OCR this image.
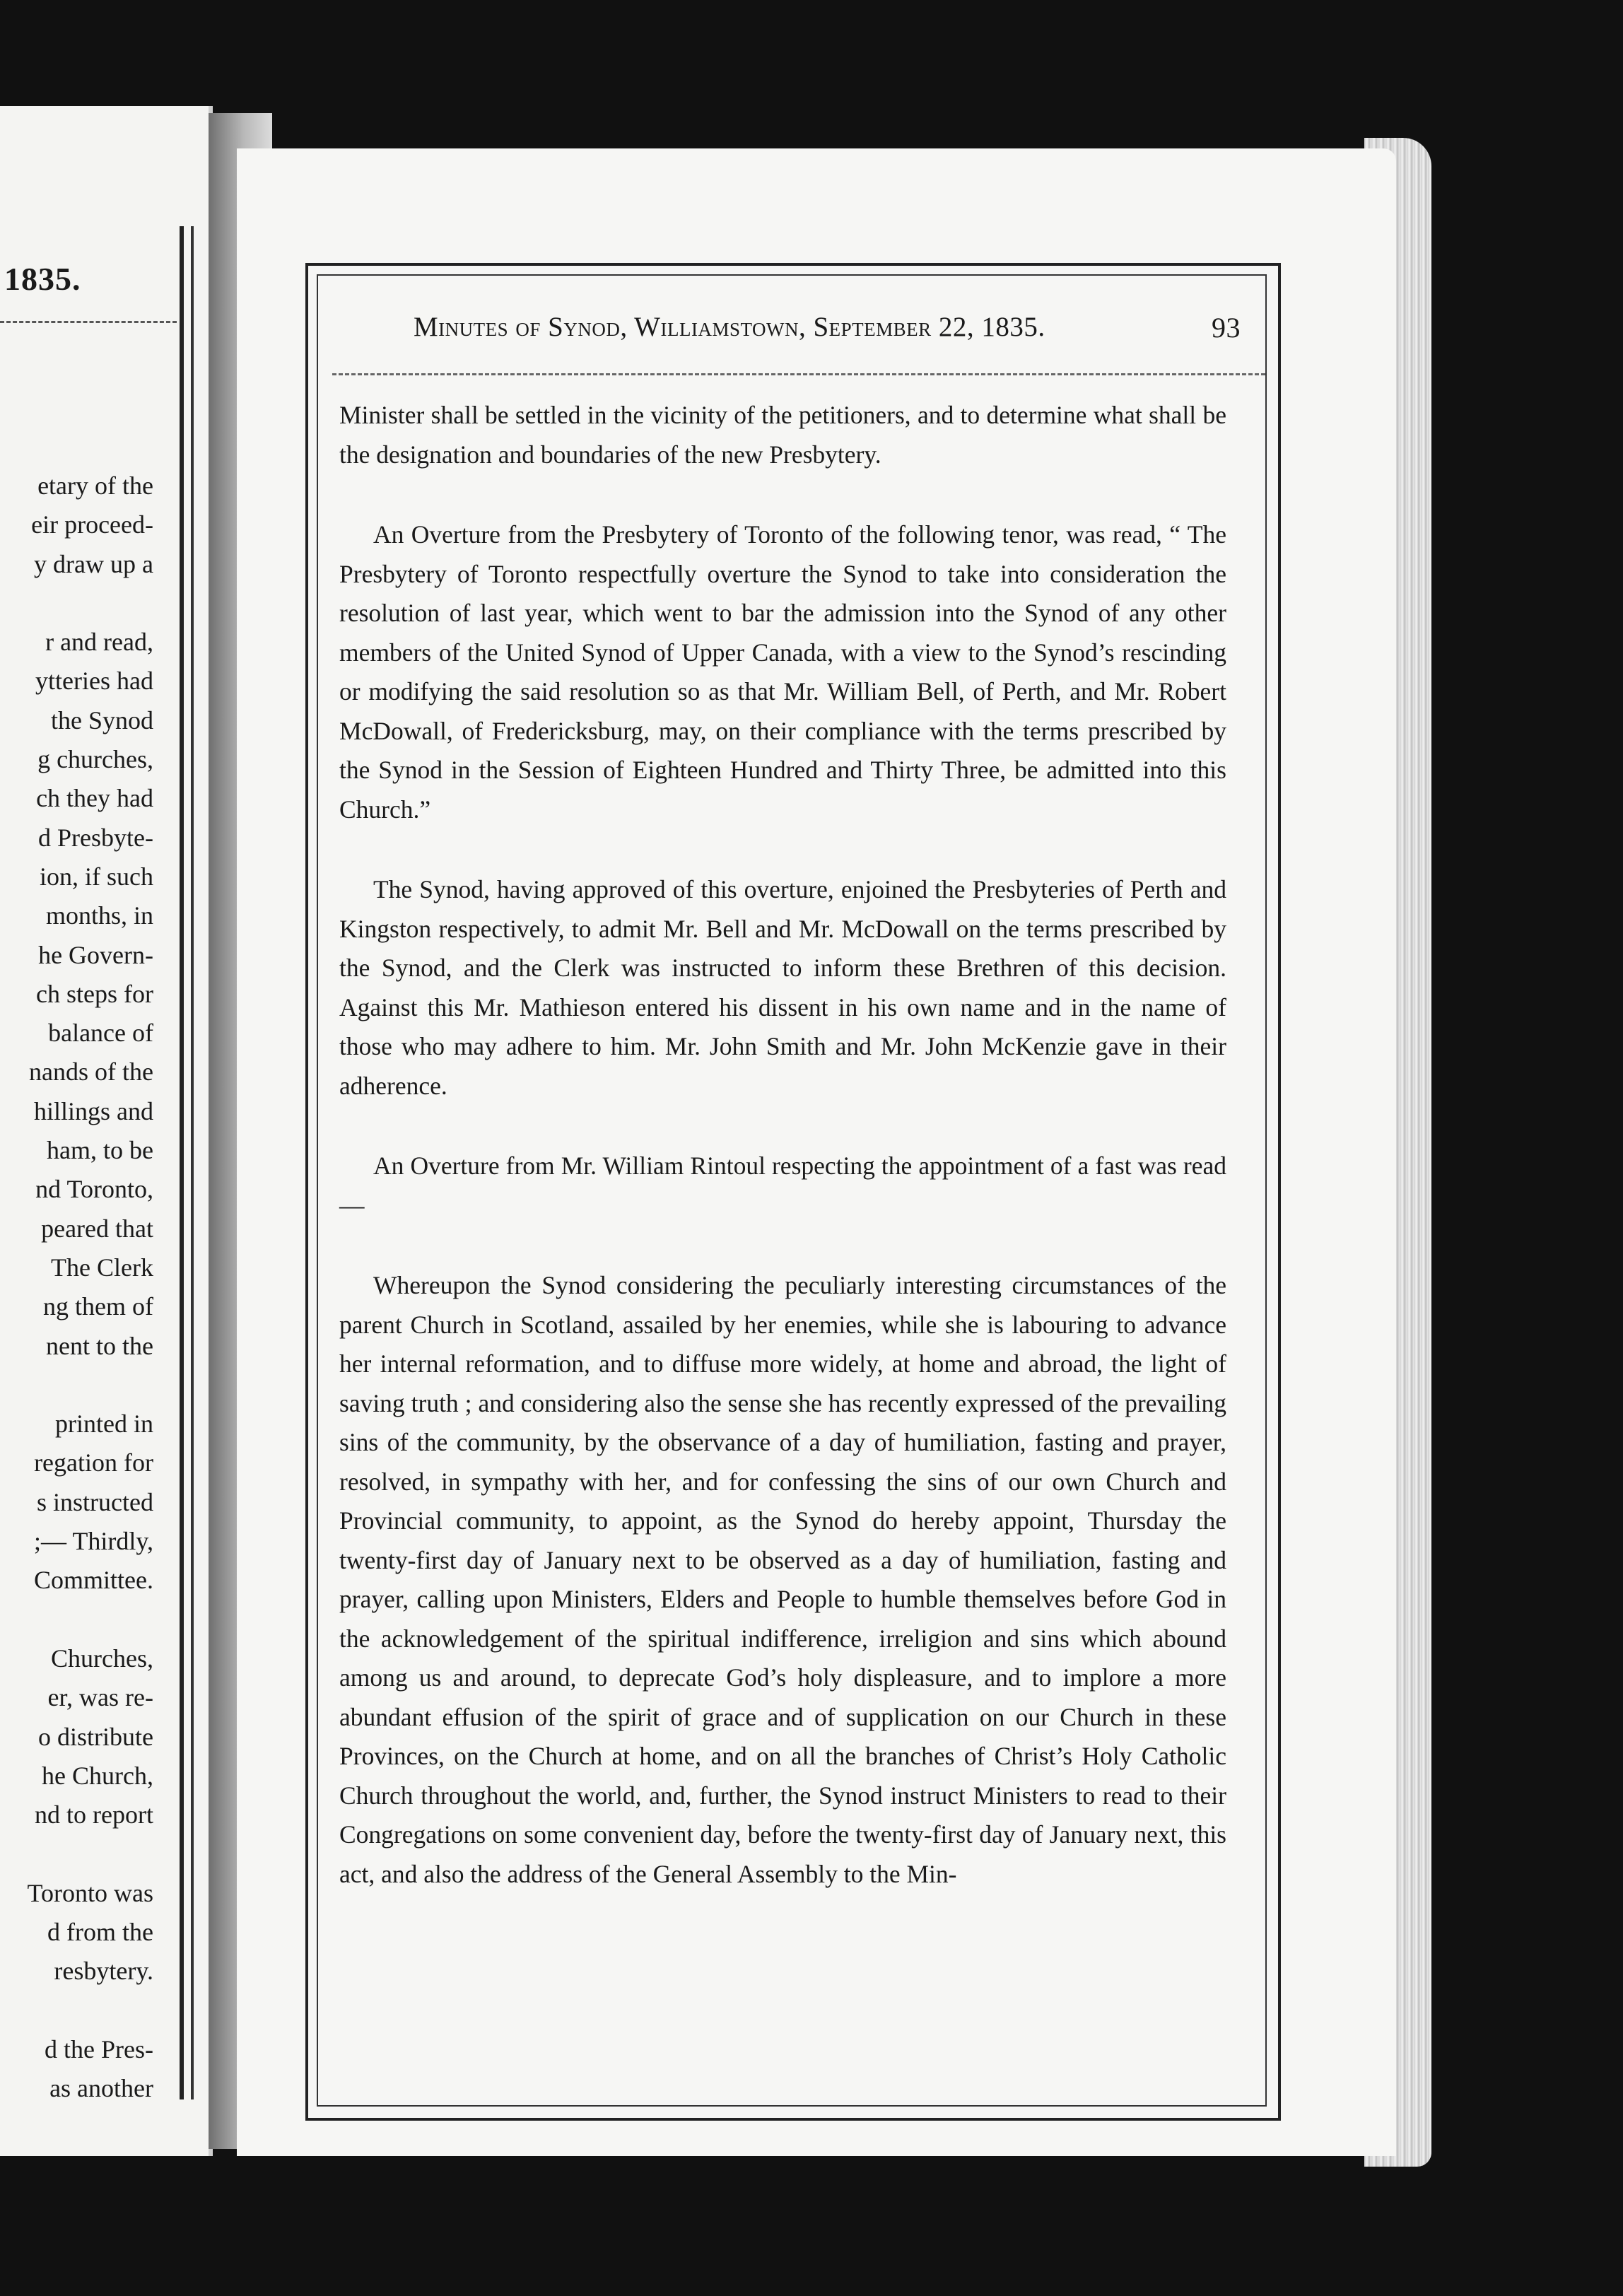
1835.
etary of the
eir proceed-
y draw up a
r and read,
ytteries had
the Synod
g churches,
ch they had
d Presbyte-
ion, if such
months, in
he Govern-
ch steps for
balance of
nands of the
hillings and
ham, to be
nd Toronto,
peared that
The Clerk
ng them of
nent to the
printed in
regation for
s instructed
;— Thirdly,
Committee.
Churches,
er, was re-
o distribute
he Church,
nd to report
Toronto was
d from the
resbytery.
d the Pres-
as another
Minutes of Synod, Williamstown, September 22, 1835.	93

Minister shall be settled in the vicinity of the petitioners, and to determine what shall be the designation and boundaries of the new Presbytery.

An Overture from the Presbytery of Toronto of the following tenor, was read, “ The Presbytery of Toronto respectfully overture the Synod to take into consideration the resolution of last year, which went to bar the admission into the Synod of any other members of the United Synod of Upper Canada, with a view to the Synod’s rescinding or modifying the said resolution so as that Mr. William Bell, of Perth, and Mr. Robert McDowall, of Fredericksburg, may, on their compliance with the terms prescribed by the Synod in the Session of Eighteen Hundred and Thirty Three, be admitted into this Church.”

The Synod, having approved of this overture, enjoined the Presbyteries of Perth and Kingston respectively, to admit Mr. Bell and Mr. McDowall on the terms prescribed by the Synod, and the Clerk was instructed to inform these Brethren of this decision. Against this Mr. Mathieson entered his dissent in his own name and in the name of those who may adhere to him. Mr. John Smith and Mr. John McKenzie gave in their adherence.

An Overture from Mr. William Rintoul respecting the appointment of a fast was read—

Whereupon the Synod considering the peculiarly interesting circumstances of the parent Church in Scotland, assailed by her enemies, while she is labouring to advance her internal reformation, and to diffuse more widely, at home and abroad, the light of saving truth ; and considering also the sense she has recently expressed of the prevailing sins of the community, by the observance of a day of humiliation, fasting and prayer, resolved, in sympathy with her, and for confessing the sins of our own Church and Provincial community, to appoint, as the Synod do hereby appoint, Thursday the twenty-first day of January next to be observed as a day of humiliation, fasting and prayer, calling upon Ministers, Elders and People to humble themselves before God in the acknowledgement of the spiritual indifference, irreligion and sins which abound among us and around, to deprecate God’s holy displeasure, and to implore a more abundant effusion of the spirit of grace and of supplication on our Church in these Provinces, on the Church at home, and on all the branches of Christ’s Holy Catholic Church throughout the world, and, further, the Synod instruct Ministers to read to their Congregations on some convenient day, before the twenty-first day of January next, this act, and also the address of the General Assembly to the Min-
